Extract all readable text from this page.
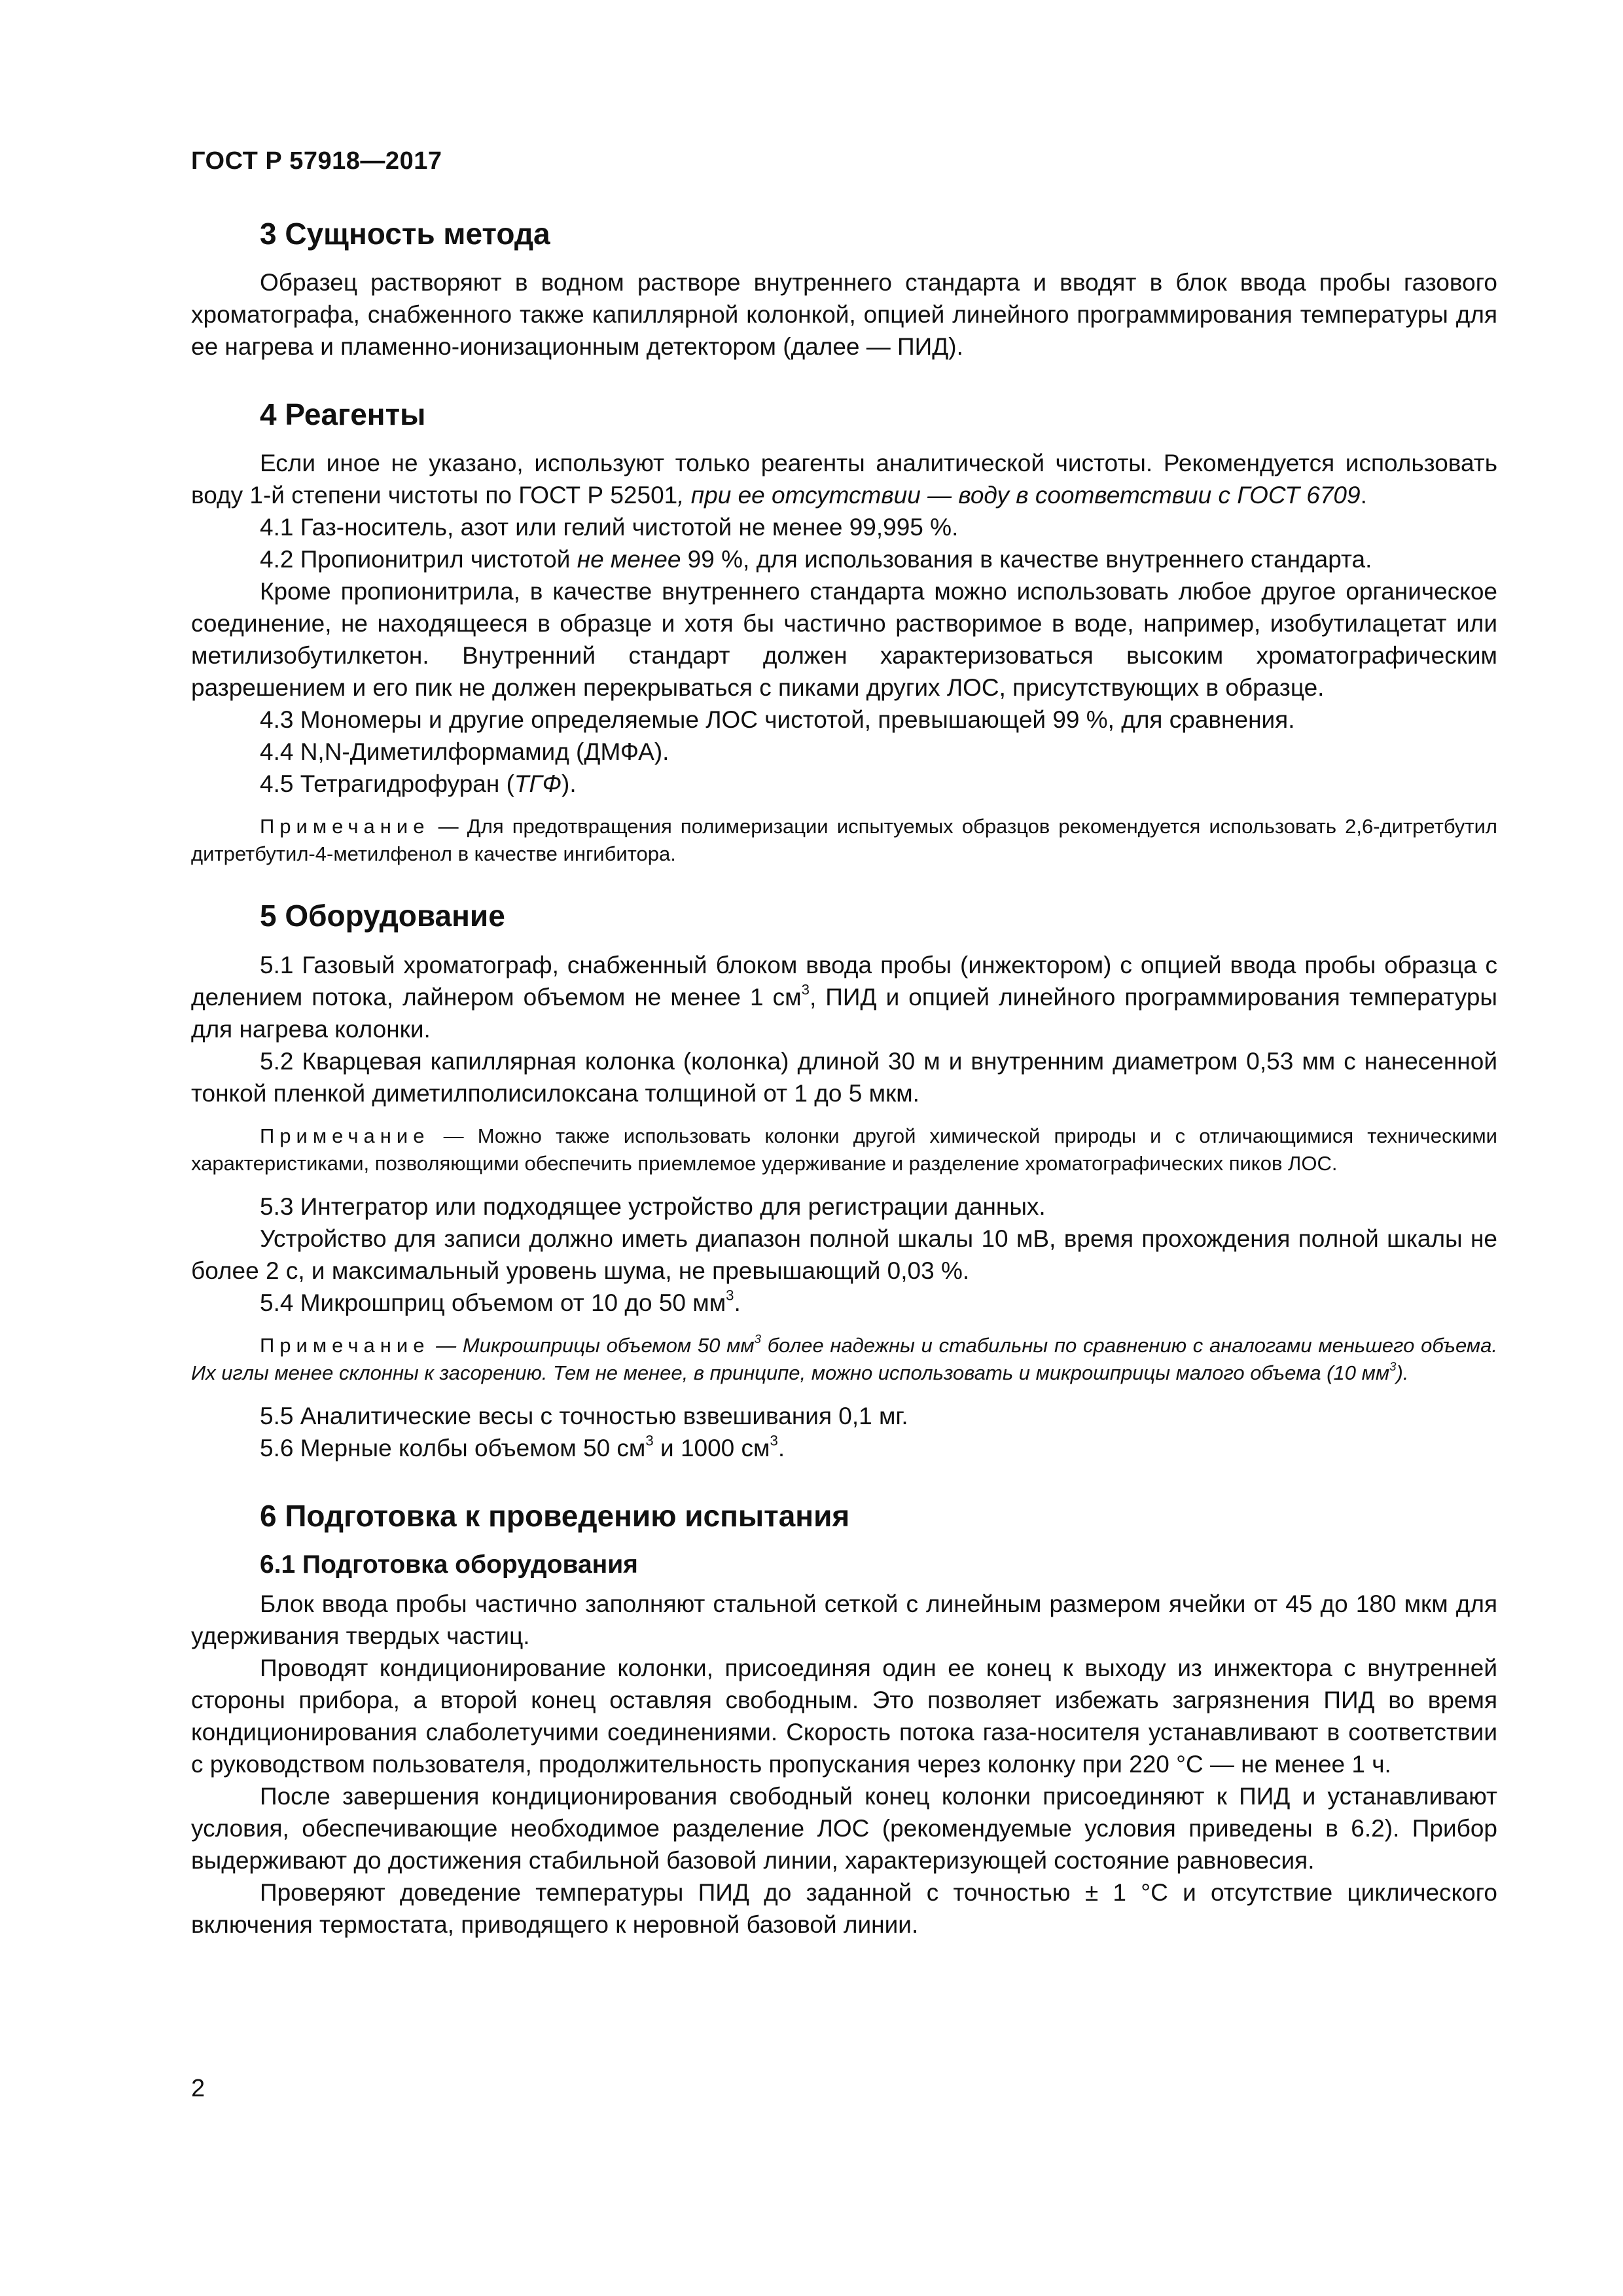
ГОСТ Р 57918—2017
3 Сущность метода

Образец растворяют в водном растворе внутреннего стандарта и вводят в блок ввода пробы газового хроматографа, снабженного также капиллярной колонкой, опцией линейного программирования температуры для ее нагрева и пламенно-ионизационным детектором (далее — ПИД).

4 Реагенты

Если иное не указано, используют только реагенты аналитической чистоты. Рекомендуется использовать воду 1-й степени чистоты по ГОСТ Р 52501, при ее отсутствии — воду в соответствии с ГОСТ 6709.

4.1 Газ-носитель, азот или гелий чистотой не менее 99,995 %.

4.2 Пропионитрил чистотой не менее 99 %, для использования в качестве внутреннего стандарта.

Кроме пропионитрила, в качестве внутреннего стандарта можно использовать любое другое органическое соединение, не находящееся в образце и хотя бы частично растворимое в воде, например, изобутилацетат или метилизобутилкетон. Внутренний стандарт должен характеризоваться высоким хроматографическим разрешением и его пик не должен перекрываться с пиками других ЛОС, присутствующих в образце.

4.3 Мономеры и другие определяемые ЛОС чистотой, превышающей 99 %, для сравнения.

4.4 N,N-Диметилформамид (ДМФА).

4.5 Тетрагидрофуран (ТГФ).

Примечание — Для предотвращения полимеризации испытуемых образцов рекомендуется использовать 2,6-дитретбутил дитретбутил-4-метилфенол в качестве ингибитора.

5 Оборудование

5.1 Газовый хроматограф, снабженный блоком ввода пробы (инжектором) с опцией ввода пробы образца с делением потока, лайнером объемом не менее 1 $см^3$, ПИД и опцией линейного программирования температуры для нагрева колонки.

5.2 Кварцевая капиллярная колонка (колонка) длиной 30 м и внутренним диаметром 0,53 мм с нанесенной тонкой пленкой диметилполисилоксана толщиной от 1 до 5 мкм.

Примечание — Можно также использовать колонки другой химической природы и с отличающимися техническими характеристиками, позволяющими обеспечить приемлемое удерживание и разделение хроматографических пиков ЛОС.

5.3 Интегратор или подходящее устройство для регистрации данных.

Устройство для записи должно иметь диапазон полной шкалы 10 мВ, время прохождения полной шкалы не более 2 с, и максимальный уровень шума, не превышающий 0,03 %.

5.4 Микрошприц объемом от 10 до 50 $мм^3$.

Примечание — Микрошприцы объемом 50 $мм^3$ более надежны и стабильны по сравнению с аналогами меньшего объема. Их иглы менее склонны к засорению. Тем не менее, в принципе, можно использовать и микрошприцы малого объема (10 $мм^3$).

5.5 Аналитические весы с точностью взвешивания 0,1 мг.

5.6 Мерные колбы объемом 50 $см^3$ и 1000 $см^3$.

6 Подготовка к проведению испытания
6.1 Подготовка оборудования

Блок ввода пробы частично заполняют стальной сеткой с линейным размером ячейки от 45 до 180 мкм для удерживания твердых частиц.

Проводят кондиционирование колонки, присоединяя один ее конец к выходу из инжектора с внутренней стороны прибора, а второй конец оставляя свободным. Это позволяет избежать загрязнения ПИД во время кондиционирования слаболетучими соединениями. Скорость потока газа-носителя устанавливают в соответствии с руководством пользователя, продолжительность пропускания через колонку при 220 °С — не менее 1 ч.

После завершения кондиционирования свободный конец колонки присоединяют к ПИД и устанавливают условия, обеспечивающие необходимое разделение ЛОС (рекомендуемые условия приведены в 6.2). Прибор выдерживают до достижения стабильной базовой линии, характеризующей состояние равновесия.

Проверяют доведение температуры ПИД до заданной с точностью ± 1 °С и отсутствие циклического включения термостата, приводящего к неровной базовой линии.

2
